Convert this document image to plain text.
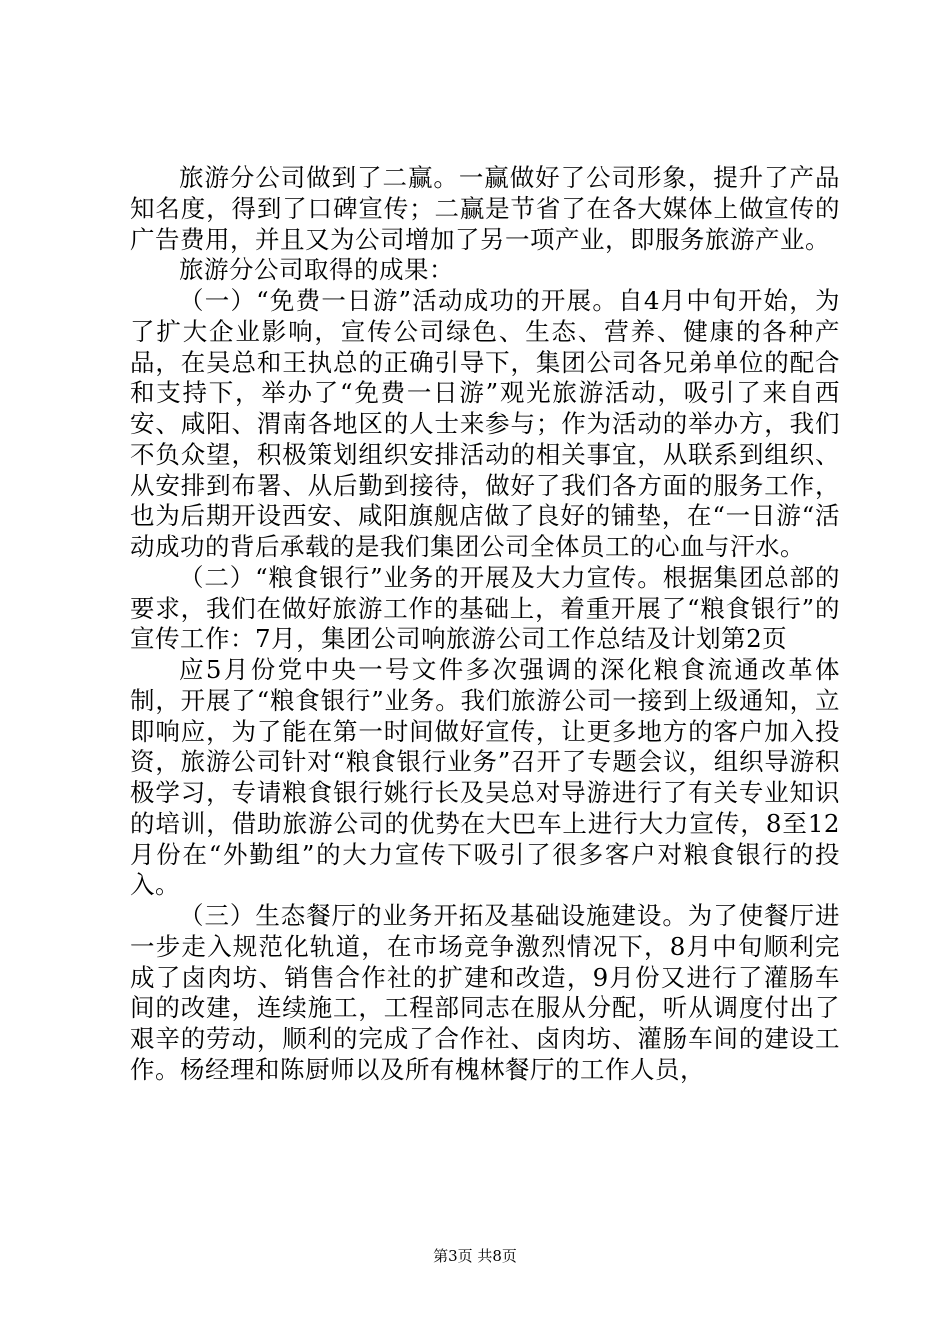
旅游分公司做到了二赢。一赢做好了公司形象，提升了产品知名度，得到了口碑宣传；二赢是节省了在各大媒体上做宣传的广告费用，并且又为公司增加了另一项产业，即服务旅游产业。

旅游分公司取得的成果：

（一）“免费一日游”活动成功的开展。自4月中旬开始，为了扩大企业影响，宣传公司绿色、生态、营养、健康的各种产品，在吴总和王执总的正确引导下，集团公司各兄弟单位的配合和支持下，举办了“免费一日游”观光旅游活动，吸引了来自西安、咸阳、渭南各地区的人士来参与；作为活动的举办方，我们不负众望，积极策划组织安排活动的相关事宜，从联系到组织、从安排到布署、从后勤到接待，做好了我们各方面的服务工作，也为后期开设西安、咸阳旗舰店做了良好的铺垫，在“一日游“活动成功的背后承载的是我们集团公司全体员工的心血与汗水。

（二）“粮食银行”业务的开展及大力宣传。根据集团总部的要求，我们在做好旅游工作的基础上，着重开展了“粮食银行”的宣传工作：7月，集团公司响旅游公司工作总结及计划第2页

应5月份党中央一号文件多次强调的深化粮食流通改革体制，开展了“粮食银行”业务。我们旅游公司一接到上级通知，立即响应，为了能在第一时间做好宣传，让更多地方的客户加入投资，旅游公司针对“粮食银行业务”召开了专题会议，组织导游积极学习，专请粮食银行姚行长及吴总对导游进行了有关专业知识的培训，借助旅游公司的优势在大巴车上进行大力宣传，8至12月份在“外勤组”的大力宣传下吸引了很多客户对粮食银行的投入。

（三）生态餐厅的业务开拓及基础设施建设。为了使餐厅进一步走入规范化轨道，在市场竞争激烈情况下，8月中旬顺利完成了卤肉坊、销售合作社的扩建和改造，9月份又进行了灌肠车间的改建，连续施工，工程部同志在服从分配，听从调度付出了艰辛的劳动，顺利的完成了合作社、卤肉坊、灌肠车间的建设工作。杨经理和陈厨师以及所有槐林餐厅的工作人员，

第3页 共8页
